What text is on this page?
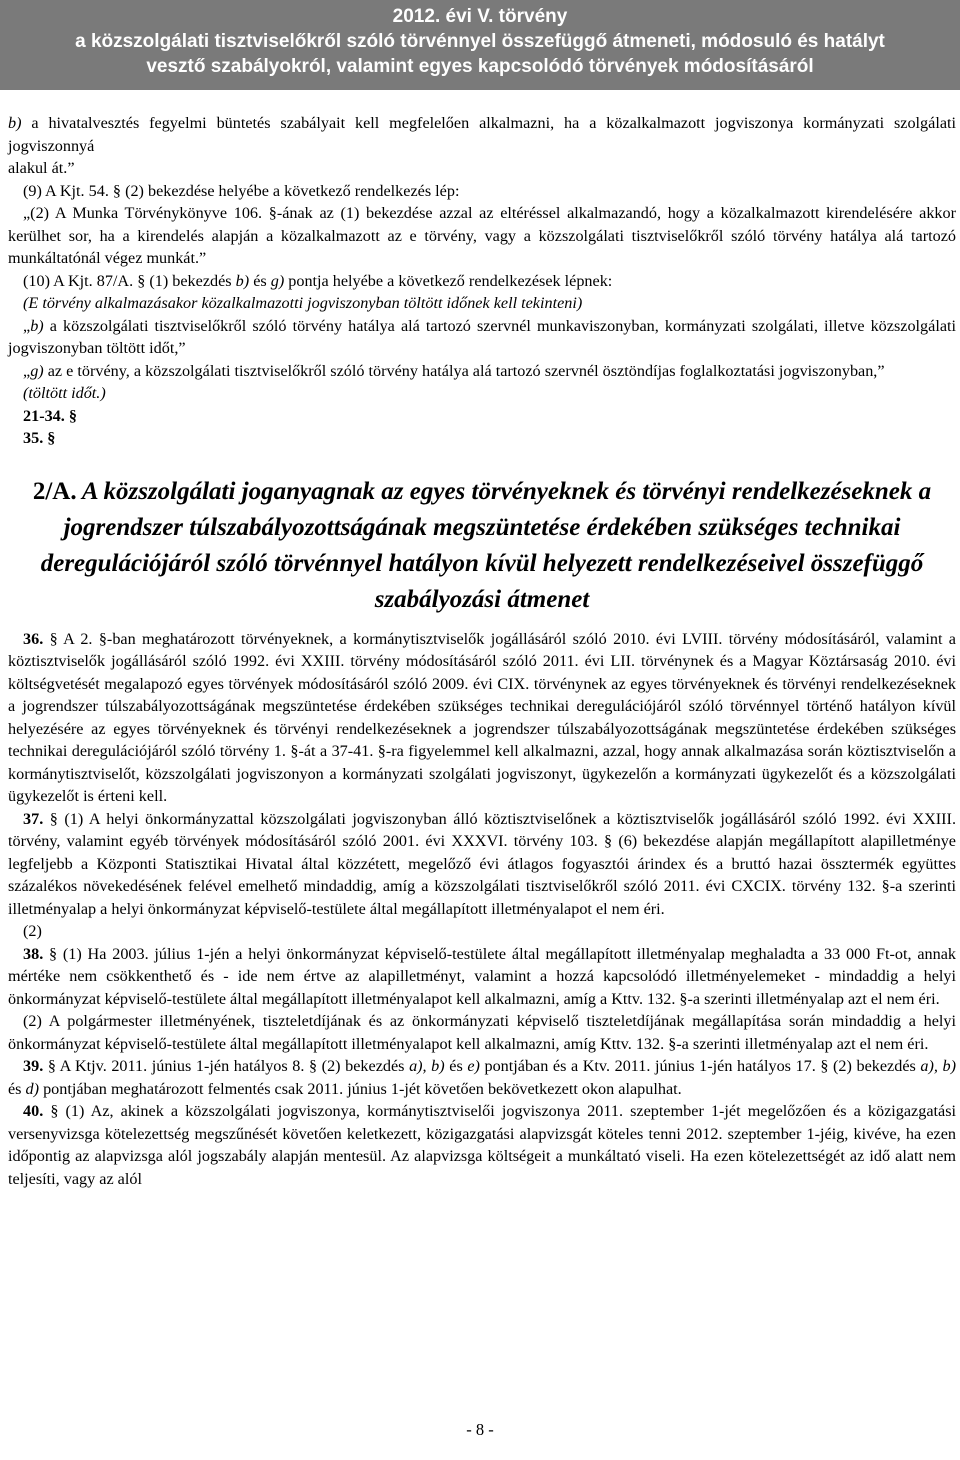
2012. évi V. törvény
a közszolgálati tisztviselőkről szóló törvénnyel összefüggő átmeneti, módosuló és hatályt
vesztő szabályokról, valamint egyes kapcsolódó törvények módosításáról

b) a hivatalvesztés fegyelmi büntetés szabályait kell megfelelően alkalmazni, ha a közalkalmazott jogviszonya kormányzati szolgálati jogviszonnyá

alakul át.”

(9) A Kjt. 54. § (2) bekezdése helyébe a következő rendelkezés lép:

„(2) A Munka Törvénykönyve 106. §-ának az (1) bekezdése azzal az eltéréssel alkalmazandó, hogy a közalkalmazott kirendelésére akkor kerülhet sor, ha a kirendelés alapján a közalkalmazott az e törvény, vagy a közszolgálati tisztviselőkről szóló törvény hatálya alá tartozó munkáltatónál végez munkát.”

(10) A Kjt. 87/A. § (1) bekezdés b) és g) pontja helyébe a következő rendelkezések lépnek:

(E törvény alkalmazásakor közalkalmazotti jogviszonyban töltött időnek kell tekinteni)

„b) a közszolgálati tisztviselőkről szóló törvény hatálya alá tartozó szervnél munkaviszonyban, kormányzati szolgálati, illetve közszolgálati jogviszonyban töltött időt,”

„g) az e törvény, a közszolgálati tisztviselőkről szóló törvény hatálya alá tartozó szervnél ösztöndíjas foglalkoztatási jogviszonyban,”

(töltött időt.)

21-34. §

35. §

2/A. A közszolgálati joganyagnak az egyes törvényeknek és törvényi rendelkezéseknek a jogrendszer túlszabályozottságának megszüntetése érdekében szükséges technikai deregulációjáról szóló törvénnyel hatályon kívül helyezett rendelkezéseivel összefüggő szabályozási átmenet

36. § A 2. §-ban meghatározott törvényeknek, a kormánytisztviselők jogállásáról szóló 2010. évi LVIII. törvény módosításáról, valamint a köztisztviselők jogállásáról szóló 1992. évi XXIII. törvény módosításáról szóló 2011. évi LII. törvénynek és a Magyar Köztársaság 2010. évi költségvetését megalapozó egyes törvények módosításáról szóló 2009. évi CIX. törvénynek az egyes törvényeknek és törvényi rendelkezéseknek a jogrendszer túlszabályozottságának megszüntetése érdekében szükséges technikai deregulációjáról szóló törvénnyel történő hatályon kívül helyezésére az egyes törvényeknek és törvényi rendelkezéseknek a jogrendszer túlszabályozottságának megszüntetése érdekében szükséges technikai deregulációjáról szóló törvény 1. §-át a 37-41. §-ra figyelemmel kell alkalmazni, azzal, hogy annak alkalmazása során köztisztviselőn a kormánytisztviselőt, közszolgálati jogviszonyon a kormányzati szolgálati jogviszonyt, ügykezelőn a kormányzati ügykezelőt és a közszolgálati ügykezelőt is érteni kell.

37. § (1) A helyi önkormányzattal közszolgálati jogviszonyban álló köztisztviselőnek a köztisztviselők jogállásáról szóló 1992. évi XXIII. törvény, valamint egyéb törvények módosításáról szóló 2001. évi XXXVI. törvény 103. § (6) bekezdése alapján megállapított alapilletménye legfeljebb a Központi Statisztikai Hivatal által közzétett, megelőző évi átlagos fogyasztói árindex és a bruttó hazai össztermék együttes százalékos növekedésének felével emelhető mindaddig, amíg a közszolgálati tisztviselőkről szóló 2011. évi CXCIX. törvény 132. §-a szerinti illetményalap a helyi önkormányzat képviselő-testülete által megállapított illetményalapot el nem éri.

(2)

38. § (1) Ha 2003. július 1-jén a helyi önkormányzat képviselő-testülete által megállapított illetményalap meghaladta a 33 000 Ft-ot, annak mértéke nem csökkenthető és - ide nem értve az alapilletményt, valamint a hozzá kapcsolódó illetményelemeket - mindaddig a helyi önkormányzat képviselő-testülete által megállapított illetményalapot kell alkalmazni, amíg a Kttv. 132. §-a szerinti illetményalap azt el nem éri.

(2) A polgármester illetményének, tiszteletdíjának és az önkormányzati képviselő tiszteletdíjának megállapítása során mindaddig a helyi önkormányzat képviselő-testülete által megállapított illetményalapot kell alkalmazni, amíg Kttv. 132. §-a szerinti illetményalap azt el nem éri.

39. § A Ktjv. 2011. június 1-jén hatályos 8. § (2) bekezdés a), b) és e) pontjában és a Ktv. 2011. június 1-jén hatályos 17. § (2) bekezdés a), b) és d) pontjában meghatározott felmentés csak 2011. június 1-jét követően bekövetkezett okon alapulhat.

40. § (1) Az, akinek a közszolgálati jogviszonya, kormánytisztviselői jogviszonya 2011. szeptember 1-jét megelőzően és a közigazgatási versenyvizsga kötelezettség megszűnését követően keletkezett, közigazgatási alapvizsgát köteles tenni 2012. szeptember 1-jéig, kivéve, ha ezen időpontig az alapvizsga alól jogszabály alapján mentesül. Az alapvizsga költségeit a munkáltató viseli. Ha ezen kötelezettségét az idő alatt nem teljesíti, vagy az alól

- 8 -
